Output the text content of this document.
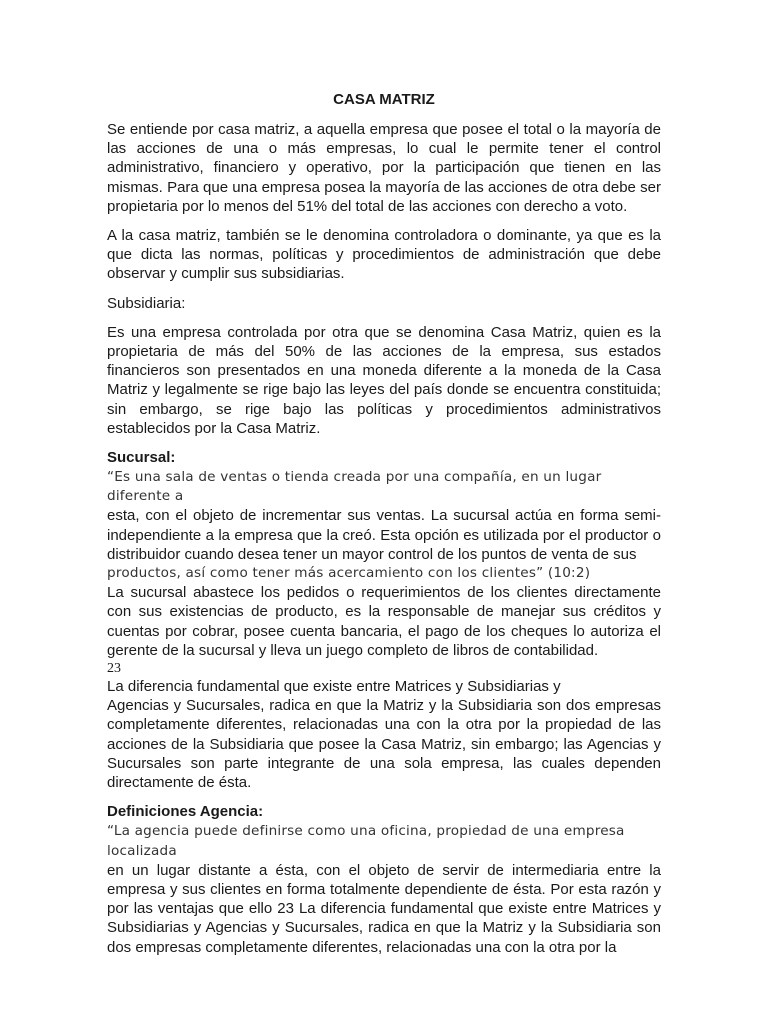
CASA MATRIZ

Se entiende por casa matriz, a aquella empresa que posee el total o la mayoría de las acciones de una o más empresas, lo cual le permite tener el control administrativo, financiero y operativo, por la participación que tienen en las mismas. Para que una empresa posea la mayoría de las acciones de otra debe ser propietaria por lo menos del 51% del total de las acciones con derecho a voto.

A la casa matriz, también se le denomina controladora o dominante, ya que es la que dicta las normas, políticas y procedimientos de administración que debe observar y cumplir sus subsidiarias.

Subsidiaria:

Es una empresa controlada por otra que se denomina Casa Matriz, quien es la propietaria de más del 50% de las acciones de la empresa, sus estados financieros son presentados en una moneda diferente a la moneda de la Casa Matriz y legalmente se rige bajo las leyes del país donde se encuentra constituida; sin embargo, se rige bajo las políticas y procedimientos administrativos establecidos por la Casa Matriz.

Sucursal:

“Es una sala de ventas o tienda creada por una compañía, en un lugar diferente a

esta, con el objeto de incrementar sus ventas. La sucursal actúa en forma semi-independiente a la empresa que la creó. Esta opción es utilizada por el productor o distribuidor cuando desea tener un mayor control de los puntos de venta de sus

productos, así como tener más acercamiento con los clientes” (10:2)

La sucursal abastece los pedidos o requerimientos de los clientes directamente con sus existencias de producto, es la responsable de manejar sus créditos y cuentas por cobrar, posee cuenta bancaria, el pago de los cheques lo autoriza el gerente de la sucursal y lleva un juego completo de libros de contabilidad.

23

La diferencia fundamental que existe entre Matrices y Subsidiarias y

Agencias y Sucursales, radica en que la Matriz y la Subsidiaria son dos empresas completamente diferentes, relacionadas una con la otra por la propiedad de las acciones de la Subsidiaria que posee la Casa Matriz, sin embargo; las Agencias y Sucursales son parte integrante de una sola empresa, las cuales dependen directamente de ésta.

Definiciones Agencia:

“La agencia puede definirse como una oficina, propiedad de una empresa localizada

en un lugar distante a ésta, con el objeto de servir de intermediaria entre la empresa y sus clientes en forma totalmente dependiente de ésta. Por esta razón y por las ventajas que ello 23 La diferencia fundamental que existe entre Matrices y Subsidiarias y Agencias y Sucursales, radica en que la Matriz y la Subsidiaria son dos empresas completamente diferentes, relacionadas una con la otra por la
